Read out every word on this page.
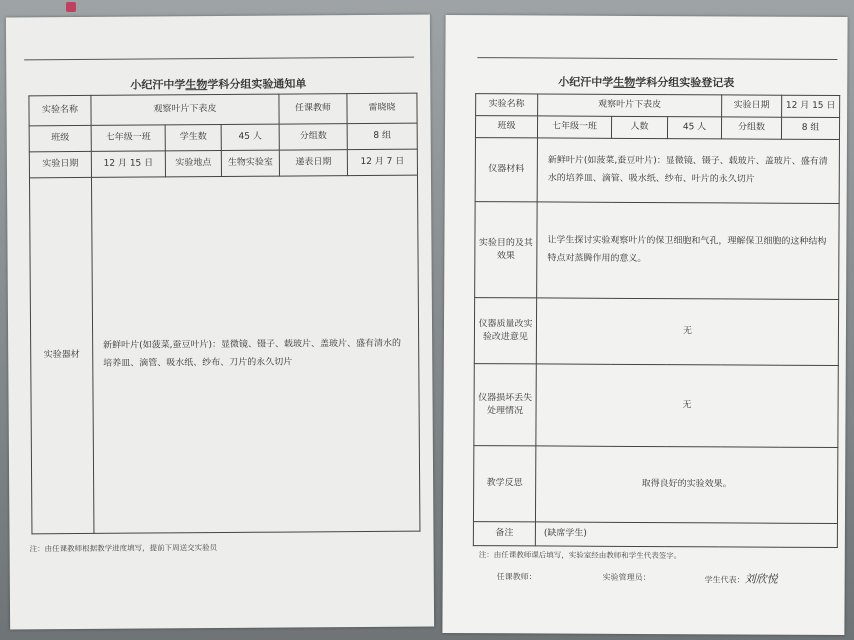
小纪汗中学生物学科分组实验通知单
实验名称	观察叶片下表皮			任课教师	雷晓晓
班级	七年级一班	学生数	45 人	分组数	8 组
实验日期	12 月 15 日	实验地点	生物实验室	递表日期	12 月 7 日
实验器材	新鲜叶片(如菠菜,蚕豆叶片)：显微镜、镊子、载玻片、盖玻片、盛有清水的培养皿、滴管、吸水纸、纱布、刀片的永久切片				
注：由任课教师根据教学进度填写，提前下周送交实验员
小纪汗中学生物学科分组实验登记表
实验名称	观察叶片下表皮			实验日期	12 月 15 日
班级	七年级一班	人数	45 人	分组数	8 组
仪器材料	新鲜叶片(如菠菜,蚕豆叶片)：显微镜、镊子、载玻片、盖玻片、盛有清水的培养皿、滴管、吸水纸、纱布、叶片的永久切片				
实验目的及其效果	让学生探讨实验观察叶片的保卫细胞和气孔，理解保卫细胞的这种结构特点对蒸腾作用的意义。				
仪器质量改实验改进意见	无				
仪器损坏丢失处理情况	无				
教学反思	取得良好的实验效果。				
备注	(缺席学生)				
注：由任课教师课后填写，实验室经由教师和学生代表签字。
任课教师：	实验管理员：	学生代表：刘欣悦
